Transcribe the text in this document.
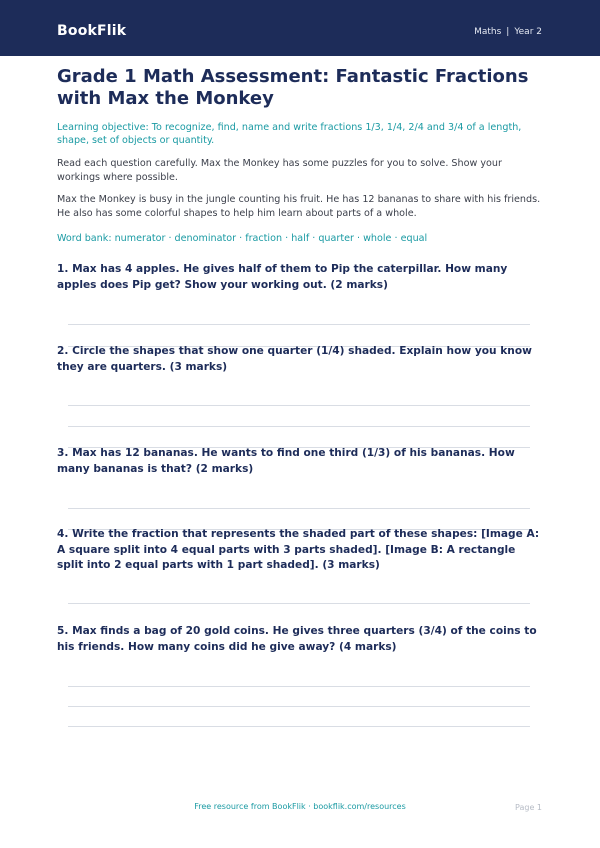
BookFlik	Maths | Year 2
Grade 1 Math Assessment: Fantastic Fractions with Max the Monkey

Learning objective: To recognize, find, name and write fractions 1/3, 1/4, 2/4 and 3/4 of a length, shape, set of objects or quantity.

Read each question carefully. Max the Monkey has some puzzles for you to solve. Show your workings where possible.

Max the Monkey is busy in the jungle counting his fruit. He has 12 bananas to share with his friends. He also has some colorful shapes to help him learn about parts of a whole.

Word bank: numerator · denominator · fraction · half · quarter · whole · equal

1. Max has 4 apples. He gives half of them to Pip the caterpillar. How many apples does Pip get? Show your working out. (2 marks)

2. Circle the shapes that show one quarter (1/4) shaded. Explain how you know they are quarters. (3 marks)

3. Max has 12 bananas. He wants to find one third (1/3) of his bananas. How many bananas is that? (2 marks)

4. Write the fraction that represents the shaded part of these shapes: [Image A: A square split into 4 equal parts with 3 parts shaded]. [Image B: A rectangle split into 2 equal parts with 1 part shaded]. (3 marks)

5. Max finds a bag of 20 gold coins. He gives three quarters (3/4) of the coins to his friends. How many coins did he give away? (4 marks)

Free resource from BookFlik · bookflik.com/resources	Page 1
